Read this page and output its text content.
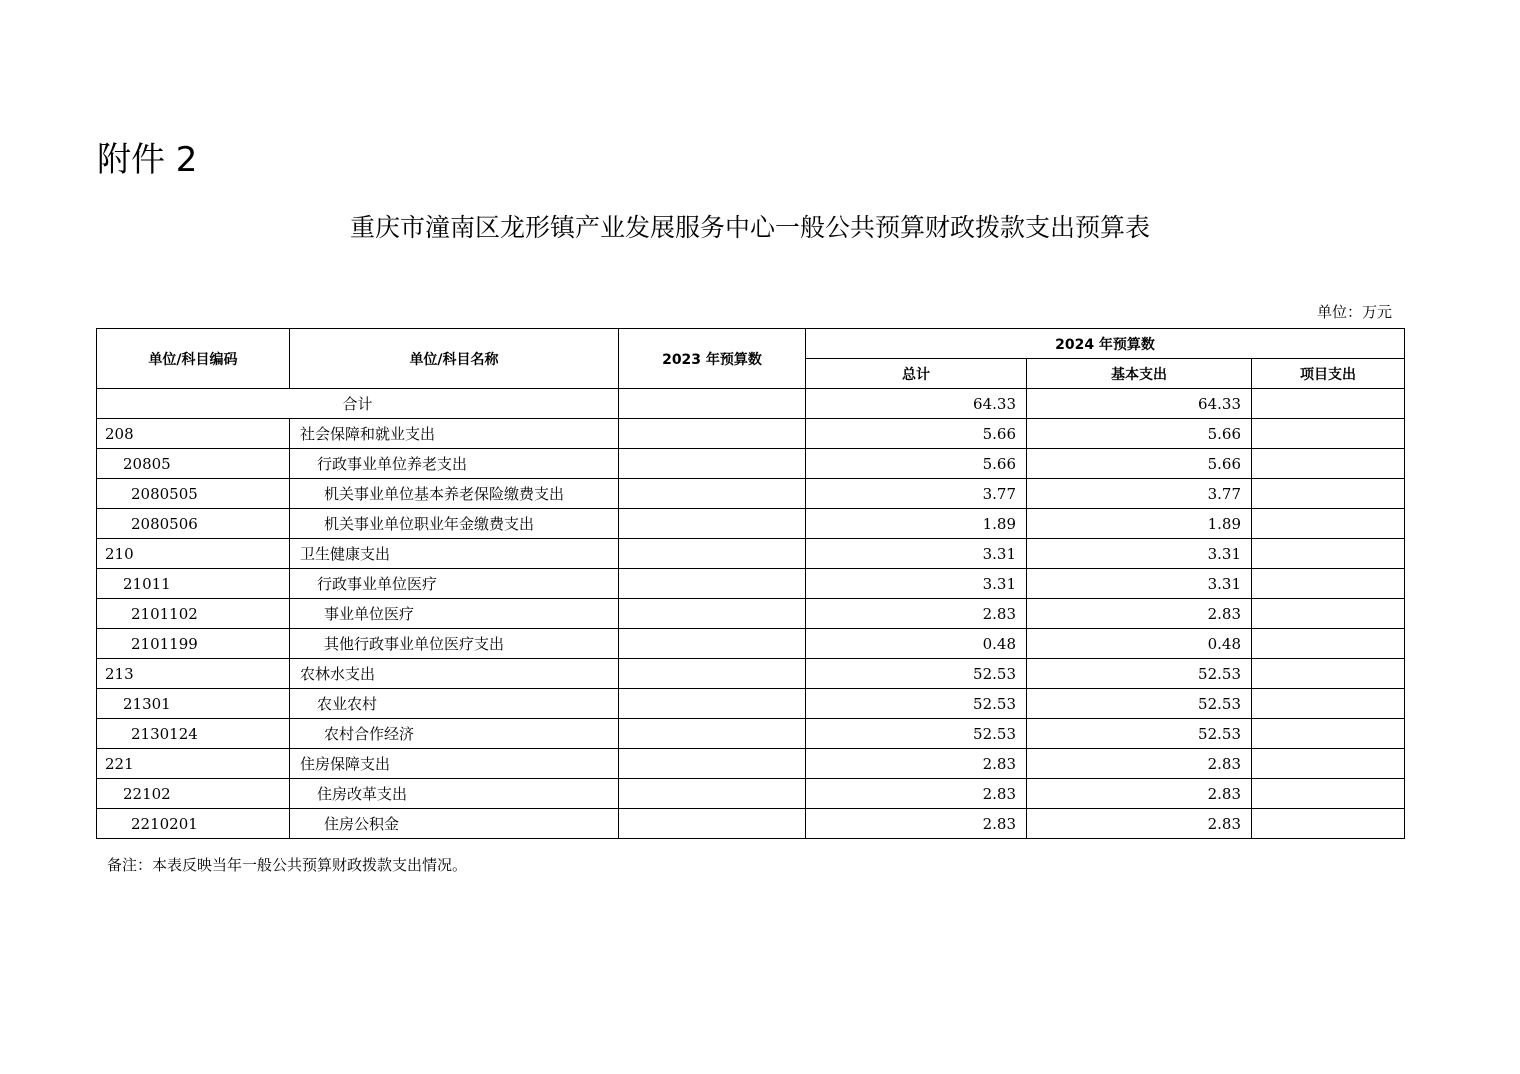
附件 2
重庆市潼南区龙形镇产业发展服务中心一般公共预算财政拨款支出预算表
单位：万元
单位/科目编码	单位/科目名称	2023 年预算数	2024 年预算数		
			总计	基本支出	项目支出
合计			64.33	64.33	
208	社会保障和就业支出		5.66	5.66	
20805	行政事业单位养老支出		5.66	5.66	
2080505	机关事业单位基本养老保险缴费支出		3.77	3.77	
2080506	机关事业单位职业年金缴费支出		1.89	1.89	
210	卫生健康支出		3.31	3.31	
21011	行政事业单位医疗		3.31	3.31	
2101102	事业单位医疗		2.83	2.83	
2101199	其他行政事业单位医疗支出		0.48	0.48	
213	农林水支出		52.53	52.53	
21301	农业农村		52.53	52.53	
2130124	农村合作经济		52.53	52.53	
221	住房保障支出		2.83	2.83	
22102	住房改革支出		2.83	2.83	
2210201	住房公积金		2.83	2.83	
备注：本表反映当年一般公共预算财政拨款支出情况。
